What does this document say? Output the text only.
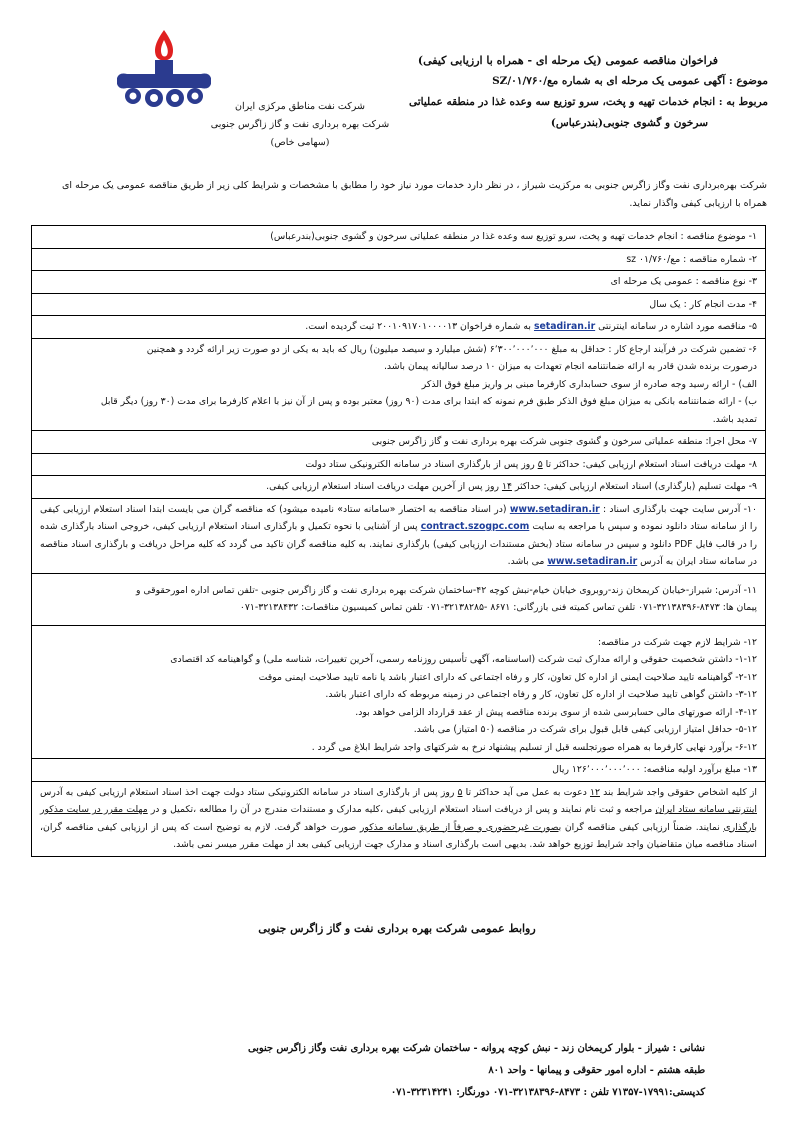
شرکت نفت مناطق مرکزی ایران
شرکت بهره برداری نفت و گاز زاگرس جنوبی
(سهامی خاص)
فراخوان مناقصه عمومی (یک مرحله ای - همراه با ارزیابی کیفی)
موضوع : آگهی عمومی یک مرحله ای به شماره مع/۰۱/۷۶۰/SZ
مربوط به : انجام خدمات تهیه و پخت، سرو توزیع سه وعده غذا در منطقه عملیاتی
سرخون و گشوی جنوبی(بندرعباس)
شرکت بهره‌برداری نفت وگاز زاگرس جنوبی به مرکزیت شیراز ، در نظر دارد خدمات مورد نیاز خود را مطابق با مشخصات و شرایط کلی زیر از طریق مناقصه عمومی یک مرحله ای همراه با ارزیابی کیفی واگذار نماید.
۱- موضوع مناقصه : انجام خدمات تهیه و پخت، سرو توزیع سه وعده غذا در منطقه عملیاتی سرخون و گشوی جنوبی(بندرعباس)
۲- شماره مناقصه : مع/۰۱/۷۶۰ sz
۳- نوع مناقصه : عمومی یک مرحله ای
۴- مدت انجام کار : یک سال
۵- مناقصه مورد اشاره در سامانه اینترنتی setadiran.ir به شماره فراخوان ۲۰۰۱۰۹۱۷۰۱۰۰۰۰۱۳ ثبت گردیده است.
۶- تضمین شرکت در فرآیند ارجاع کار : حداقل به مبلغ ۶٬۳۰۰٬۰۰۰٬۰۰۰ (شش میلیارد و سیصد میلیون) ریال که باید به یکی از دو صورت زیر ارائه گردد و همچنین
درصورت برنده شدن قادر به ارائه ضمانتنامه انجام تعهدات به میزان ۱۰ درصد سالیانه پیمان باشد.
الف) - ارائه رسید وجه صادره از سوی حسابداری کارفرما مبنی بر واریز مبلغ فوق الذکر
ب) - ارائه ضمانتنامه بانکی به میزان مبلغ فوق الذکر طبق فرم نمونه که ابتدا برای مدت (۹۰ روز) معتبر بوده و پس از آن نیز با اعلام کارفرما برای مدت (۳۰ روز) دیگر قابل
تمدید باشد.
۷- محل اجرا: منطقه عملیاتی سرخون و گشوی جنوبی شرکت بهره برداری نفت و گاز زاگرس جنوبی
۸- مهلت دریافت اسناد استعلام ارزیابی کیفی: حداکثر تا ۵ روز پس از بارگذاری اسناد در سامانه الکترونیکی ستاد دولت
۹- مهلت تسلیم (بارگذاری) اسناد استعلام ارزیابی کیفی: حداکثر ۱۴ روز پس از آخرین مهلت دریافت اسناد استعلام ارزیابی کیفی.
۱۰- آدرس سایت جهت بارگذاری اسناد : www.setadiran.ir (در اسناد مناقصه به اختصار «سامانه ستاد» نامیده میشود) که مناقصه گران می بایست ابتدا اسناد استعلام ارزیابی کیفی را از سامانه ستاد دانلود نموده و سپس با مراجعه به سایت contract.szogpc.com پس از آشنایی با نحوه تکمیل و بارگذاری اسناد استعلام ارزیابی کیفی، خروجی اسناد بارگذاری شده را در قالب فایل PDF دانلود و سپس در سامانه ستاد (بخش مستندات ارزیابی کیفی) بارگذاری نمایند. به کلیه مناقصه گران تاکید می گردد که کلیه مراحل دریافت و بارگذاری اسناد مناقصه در سامانه ستاد ایران به آدرس www.setadiran.ir می باشد.
۱۱- آدرس: شیراز-خیابان کریمخان زند-روبروی خیابان خیام-نبش کوچه ۴۲-ساختمان شرکت بهره برداری نفت و گاز زاگرس جنوبی -تلفن تماس اداره امورحقوقی و
پیمان ها: ۸۴۷۳-۳۲۱۳۸۳۹۶-۰۷۱ تلفن تماس کمیته فنی بازرگانی: ۸۶۷۱ -۳۲۱۳۸۲۸۵-۰۷۱ تلفن تماس کمیسیون مناقصات: ۳۲۱۳۸۴۳۲-۰۷۱
۱۲- شرایط لازم جهت شرکت در مناقصه:
۱-۱۲- داشتن شخصیت حقوقی و ارائه مدارک ثبت شرکت (اساسنامه، آگهی تأسیس روزنامه رسمی، آخرین تغییرات، شناسه ملی) و گواهینامه کد اقتصادی
۲-۱۲- گواهینامه تایید صلاحیت ایمنی از اداره کل تعاون، کار و رفاه اجتماعی که دارای اعتبار باشد یا نامه تایید صلاحیت ایمنی موقت
۳-۱۲- داشتن گواهی تایید صلاحیت از اداره کل تعاون، کار و رفاه اجتماعی در زمینه مربوطه که دارای اعتبار باشد.
۴-۱۲- ارائه صورتهای مالی حسابرسی شده از سوی برنده مناقصه پیش از عقد قرارداد الزامی خواهد بود.
۵-۱۲- حداقل امتیاز ارزیابی کیفی قابل قبول برای شرکت در مناقصه (۵۰ امتیاز) می باشد.
۶-۱۲- برآورد نهایی کارفرما به همراه صورتجلسه قبل از تسلیم پیشنهاد نرخ به شرکتهای واجد شرایط ابلاغ می گردد .
۱۳- مبلغ برآورد اولیه مناقصه: ۱۲۶٬۰۰۰٬۰۰۰٬۰۰۰ ریال
از کلیه اشخاص حقوقی واجد شرایط بند ۱۲ دعوت به عمل می آید حداکثر تا ۵ روز پس از بارگذاری اسناد در سامانه الکترونیکی ستاد دولت جهت اخذ اسناد استعلام ارزیابی کیفی به آدرس اینترنتی سامانه ستاد ایران مراجعه و ثبت نام نمایند و پس از دریافت اسناد استعلام ارزیابی کیفی ،کلیه مدارک و مستندات مندرج در آن را مطالعه ،تکمیل و در مهلت مقرر در سایت مذکور بارگذاری نمایند. ضمناً ارزیابی کیفی مناقصه گران بصورت غیرحضوری و صرفاً از طریق سامانه مذکور صورت خواهد گرفت. لازم به توضیح است که پس از ارزیابی کیفی مناقصه گران، اسناد مناقصه میان متقاضیان واجد شرایط توزیع خواهد شد. بدیهی است بارگذاری اسناد و مدارک جهت ارزیابی کیفی بعد از مهلت مقرر میسر نمی باشد.
روابط عمومی شرکت بهره برداری نفت و گاز زاگرس جنوبی
نشانی : شیراز - بلوار کریمخان زند - نبش کوچه پروانه - ساختمان شرکت بهره برداری نفت وگاز زاگرس جنوبی
طبقه هشتم - اداره امور حقوقی و پیمانها - واحد ۸۰۱
کدپستی:۱۷۹۹۱-۷۱۳۵۷ تلفن : ۸۴۷۳-۳۲۱۳۸۳۹۶-۰۷۱ دورنگار: ۳۲۳۱۴۲۴۱-۰۷۱
